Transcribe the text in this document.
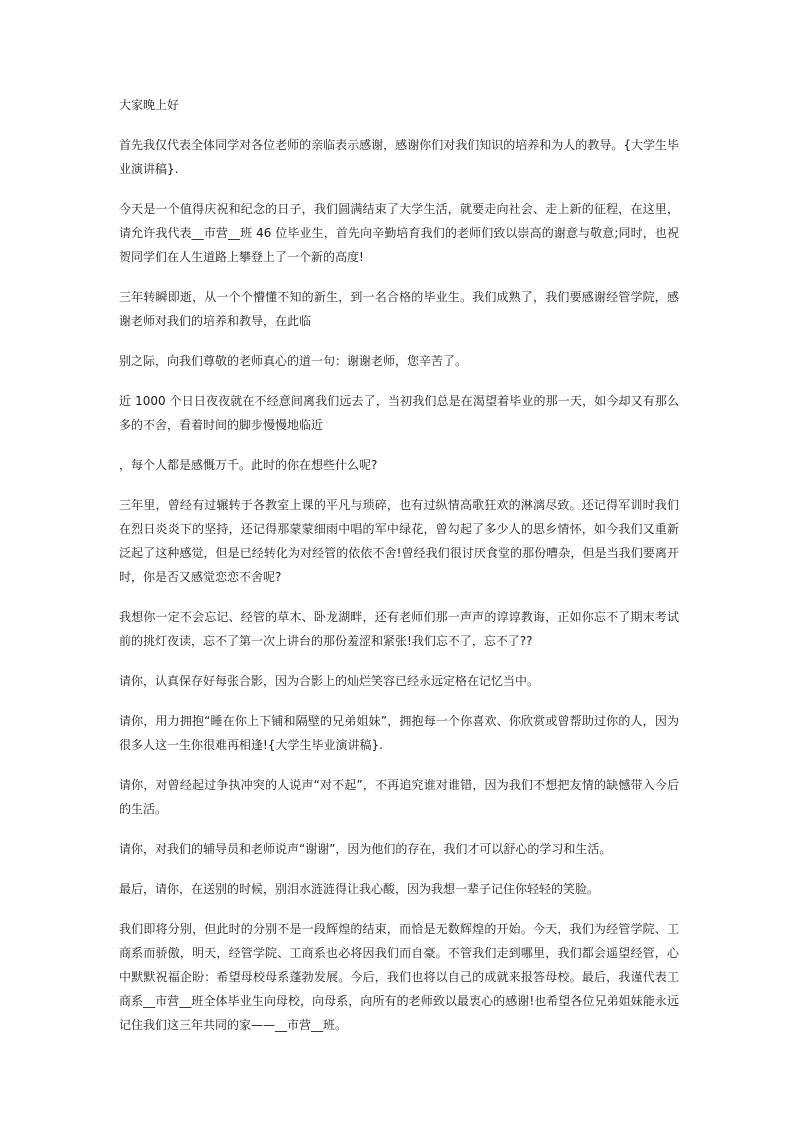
大家晚上好

首先我仅代表全体同学对各位老师的亲临表示感谢，感谢你们对我们知识的培养和为人的教导。{大学生毕业演讲稿}.

今天是一个值得庆祝和纪念的日子，我们圆满结束了大学生活，就要走向社会、走上新的征程，在这里，请允许我代表__市营__班 46 位毕业生，首先向辛勤培育我们的老师们致以崇高的谢意与敬意;同时，也祝贺同学们在人生道路上攀登上了一个新的高度!

三年转瞬即逝，从一个个懵懂不知的新生，到一名合格的毕业生。我们成熟了，我们要感谢经管学院，感谢老师对我们的培养和教导，在此临

别之际，向我们尊敬的老师真心的道一句：谢谢老师，您辛苦了。

近 1000 个日日夜夜就在不经意间离我们远去了，当初我们总是在渴望着毕业的那一天，如今却又有那么多的不舍，看着时间的脚步慢慢地临近

，每个人都是感慨万千。此时的你在想些什么呢?

三年里，曾经有过辗转于各教室上课的平凡与琐碎，也有过纵情高歌狂欢的淋漓尽致。还记得军训时我们在烈日炎炎下的坚持，还记得那蒙蒙细雨中唱的军中绿花，曾勾起了多少人的思乡情怀，如今我们又重新泛起了这种感觉，但是已经转化为对经管的依依不舍!曾经我们很讨厌食堂的那份嘈杂，但是当我们要离开时，你是否又感觉恋恋不舍呢?

我想你一定不会忘记、经管的草木、卧龙湖畔，还有老师们那一声声的谆谆教诲，正如你忘不了期末考试前的挑灯夜读，忘不了第一次上讲台的那份羞涩和紧张!我们忘不了，忘不了??

请你，认真保存好每张合影，因为合影上的灿烂笑容已经永远定格在记忆当中。

请你，用力拥抱“睡在你上下铺和隔壁的兄弟姐妹”，拥抱每一个你喜欢、你欣赏或曾帮助过你的人，因为很多人这一生你很难再相逢!{大学生毕业演讲稿}.

请你，对曾经起过争执冲突的人说声“对不起”，不再追究谁对谁错，因为我们不想把友情的缺憾带入今后的生活。

请你，对我们的辅导员和老师说声“谢谢”，因为他们的存在，我们才可以舒心的学习和生活。

最后，请你，在送别的时候，别泪水涟涟得让我心酸，因为我想一辈子记住你轻轻的笑脸。

我们即将分别，但此时的分别不是一段辉煌的结束，而恰是无数辉煌的开始。今天，我们为经管学院、工商系而骄傲，明天，经管学院、工商系也必将因我们而自豪。不管我们走到哪里，我们都会遥望经管，心中默默祝福企盼：希望母校母系蓬勃发展。今后，我们也将以自己的成就来报答母校。最后，我谨代表工商系__市营__班全体毕业生向母校，向母系，向所有的老师致以最衷心的感谢!也希望各位兄弟姐妹能永远记住我们这三年共同的家——__市营__班。
